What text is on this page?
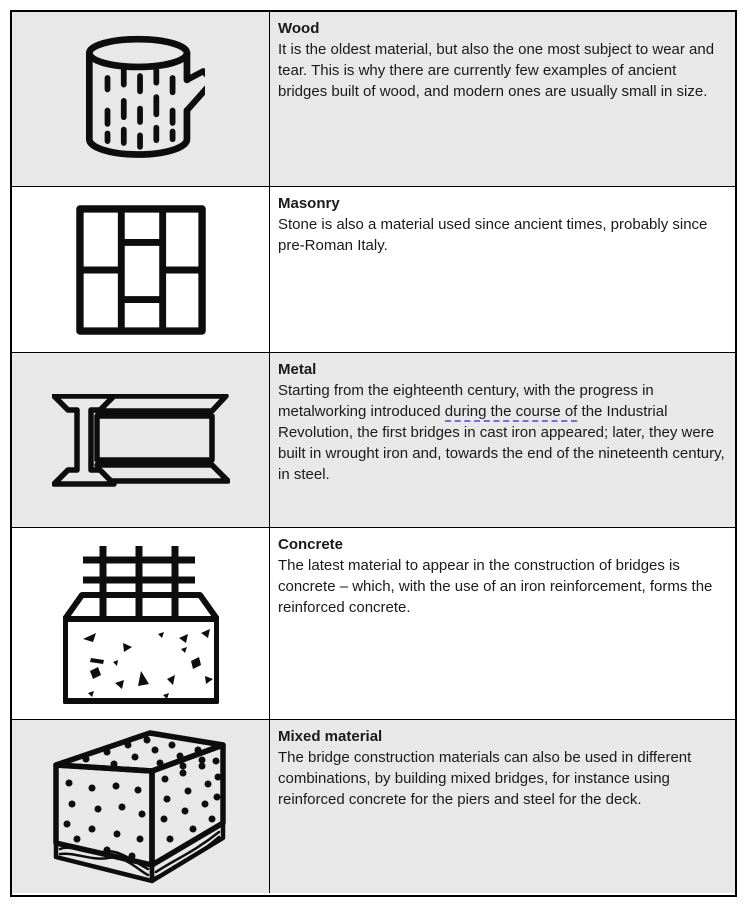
Wood
It is the oldest material, but also the one most subject to wear and tear. This is why there are currently few examples of ancient bridges built of wood, and modern ones are usually small in size.
Masonry
Stone is also a material used since ancient times, probably since pre-Roman Italy.
Metal
Starting from the eighteenth century, with the progress in metalworking introduced during the course of the Industrial Revolution, the first bridges in cast iron appeared; later, they were built in wrought iron and, towards the end of the nineteenth century, in steel.
Concrete
The latest material to appear in the construction of bridges is concrete – which, with the use of an iron reinforcement, forms the reinforced concrete.
Mixed material
The bridge construction materials can also be used in different combinations, by building mixed bridges, for instance using reinforced concrete for the piers and steel for the deck.
